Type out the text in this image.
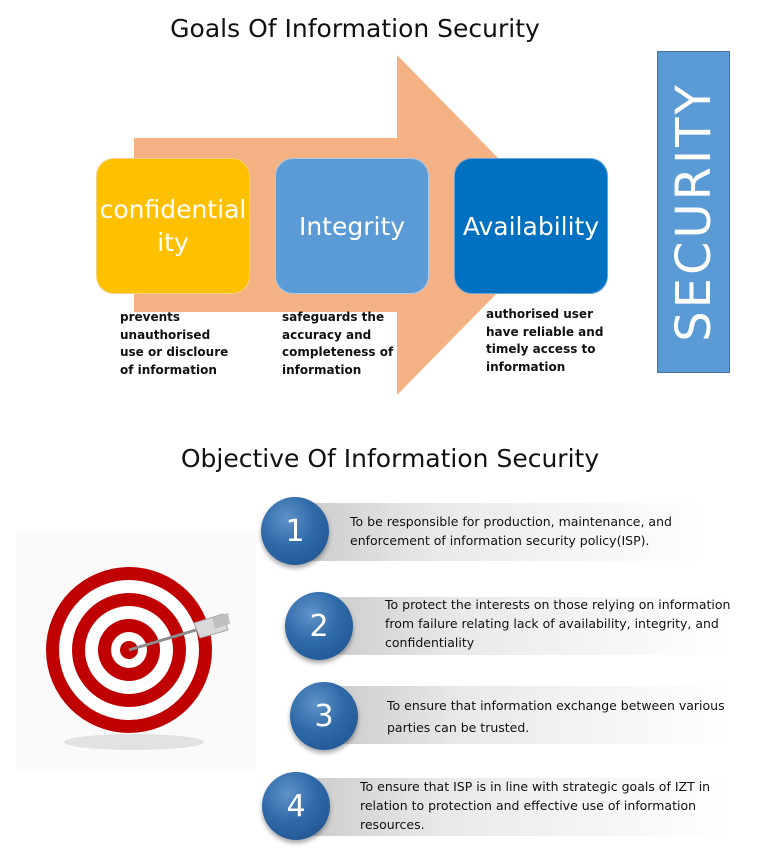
Goals Of Information Security
confidential
ity
Integrity Availability
prevents unauthorised use or discloure of information
safeguards the accuracy and completeness of information
authorised user have reliable and timely access to information
SECURITY
Objective Of Information Security
1	To be responsible for production, maintenance, and enforcement of information security policy(ISP).
2
To protect the interests on those relying on information from failure relating lack of availability, integrity, and confidentiality
3	To ensure that information exchange between various parties can be trusted.
4
To ensure that ISP is in line with strategic goals of IZT in relation to protection and effective use of information resources.
